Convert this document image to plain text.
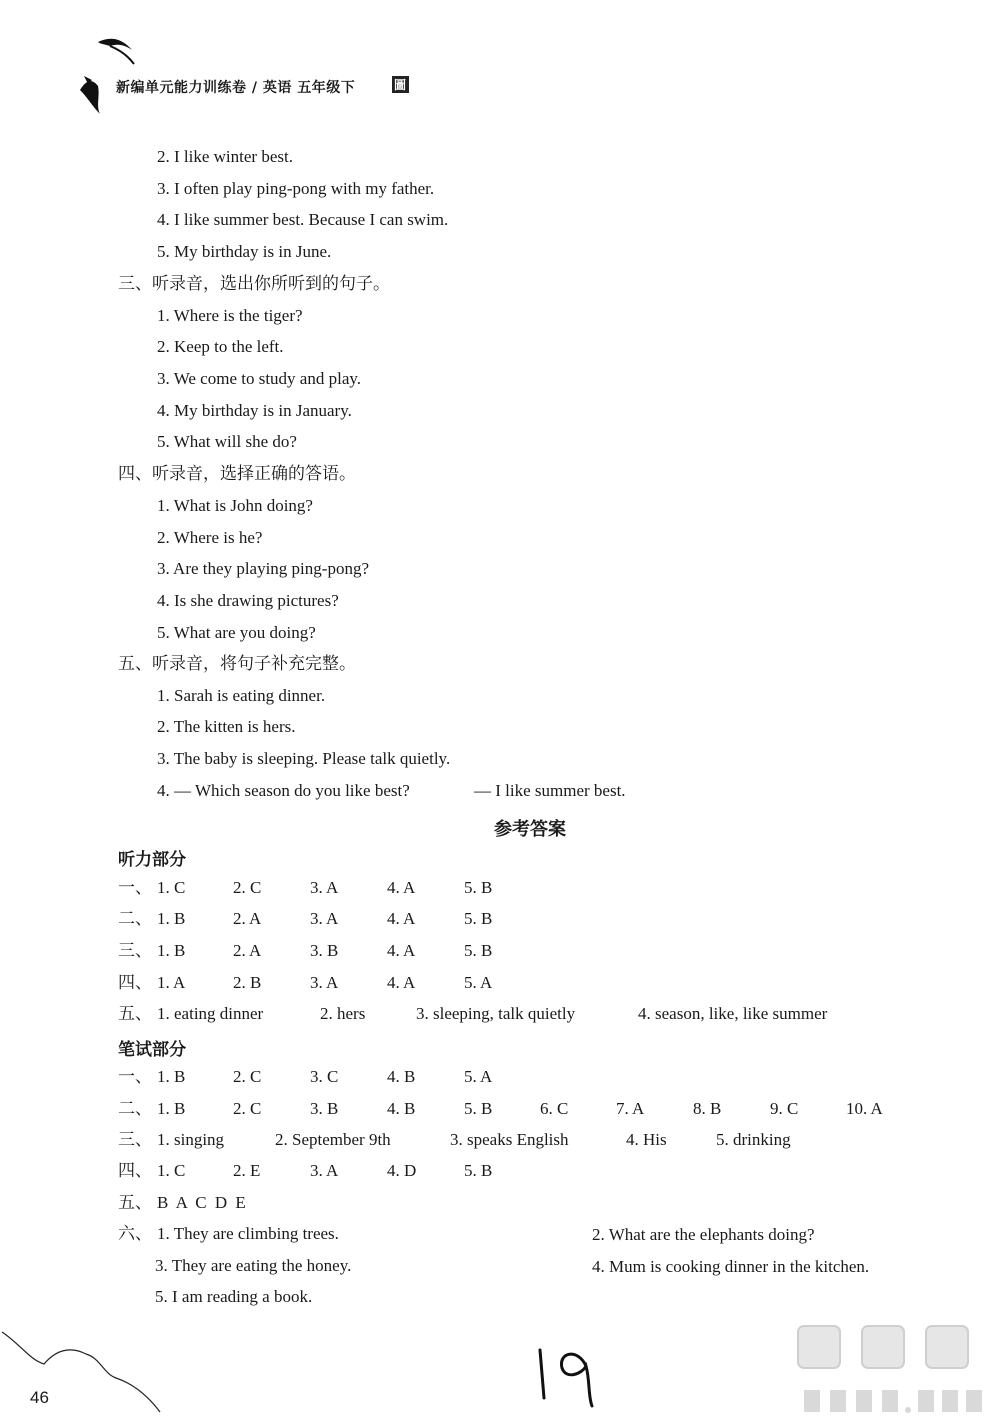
新编单元能力训练卷 / 英语 五年级下	圖
2. I like winter best.
3. I often play ping-pong with my father.
4. I like summer best. Because I can swim.
5. My birthday is in June.
三、听录音，选出你所听到的句子。
1. Where is the tiger?
2. Keep to the left.
3. We come to study and play.
4. My birthday is in January.
5. What will she do?
四、听录音，选择正确的答语。
1. What is John doing?
2. Where is he?
3. Are they playing ping-pong?
4. Is she drawing pictures?
5. What are you doing?
五、听录音，将句子补充完整。
1. Sarah is eating dinner.
2. The kitten is hers.
3. The baby is sleeping. Please talk quietly.
4. — Which season do you like best?	— I like summer best.
参考答案
听力部分
一、 1. C	2. C	3. A	4. A	5. B
二、 1. B	2. A	3. A	4. A	5. B
三、 1. B	2. A	3. B	4. A	5. B
四、 1. A	2. B	3. A	4. A	5. A
五、 1. eating dinner	2. hers	3. sleeping, talk quietly	4. season, like, like summer
笔试部分
一、 1. B	2. C	3. C	4. B	5. A
二、 1. B	2. C	3. B	4. B	5. B	6. C	7. A	8. B	9. C	10. A
三、 1. singing	2. September 9th	3. speaks English	4. His	5. drinking
四、 1. C	2. E	3. A	4. D	5. B
五、 B A C D E
六、 1. They are climbing trees.	2. What are the elephants doing?
3. They are eating the honey.	4. Mum is cooking dinner in the kitchen.
5. I am reading a book.
46
